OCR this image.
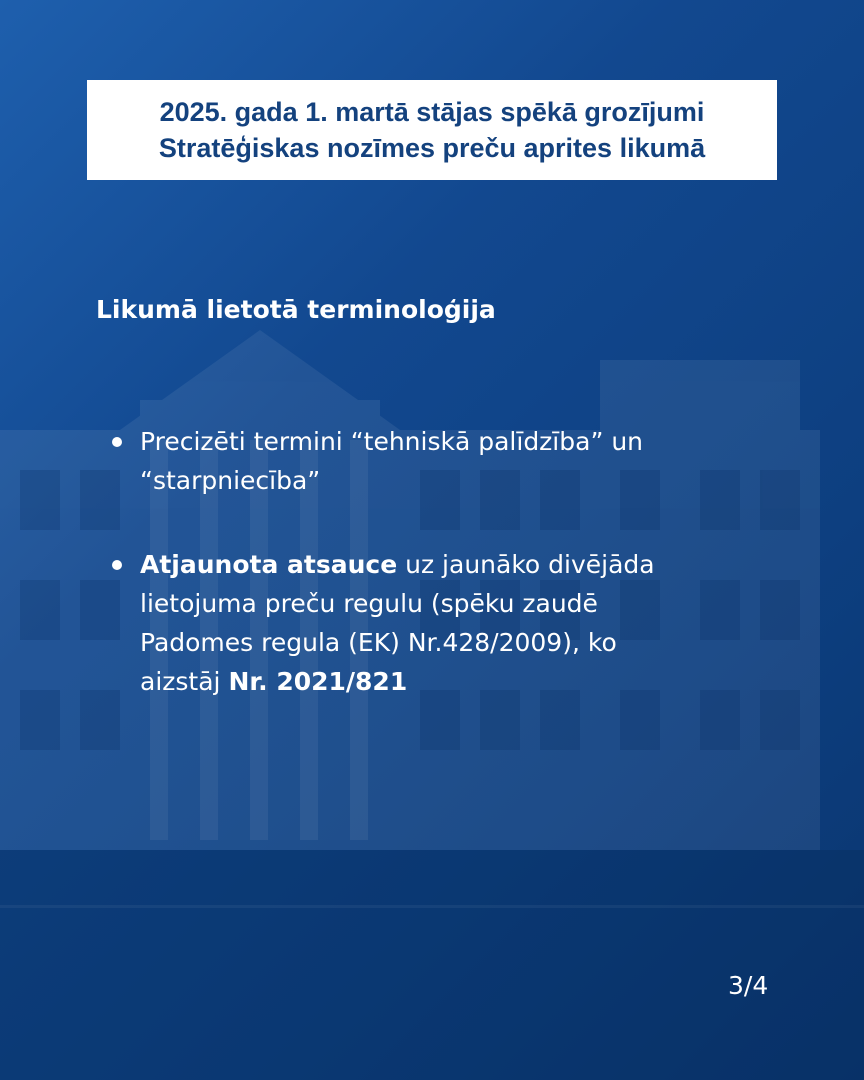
2025. gada 1. martā stājas spēkā grozījumi
Stratēģiskas nozīmes preču aprites likumā
Likumā lietotā terminoloģija
Precizēti termini “tehniskā palīdzība” un
“starpniecība”
Atjaunota atsauce uz jaunāko divējāda
lietojuma preču regulu (spēku zaudē
Padomes regula (EK) Nr.428/2009), ko
aizstāj Nr. 2021/821
3/4
